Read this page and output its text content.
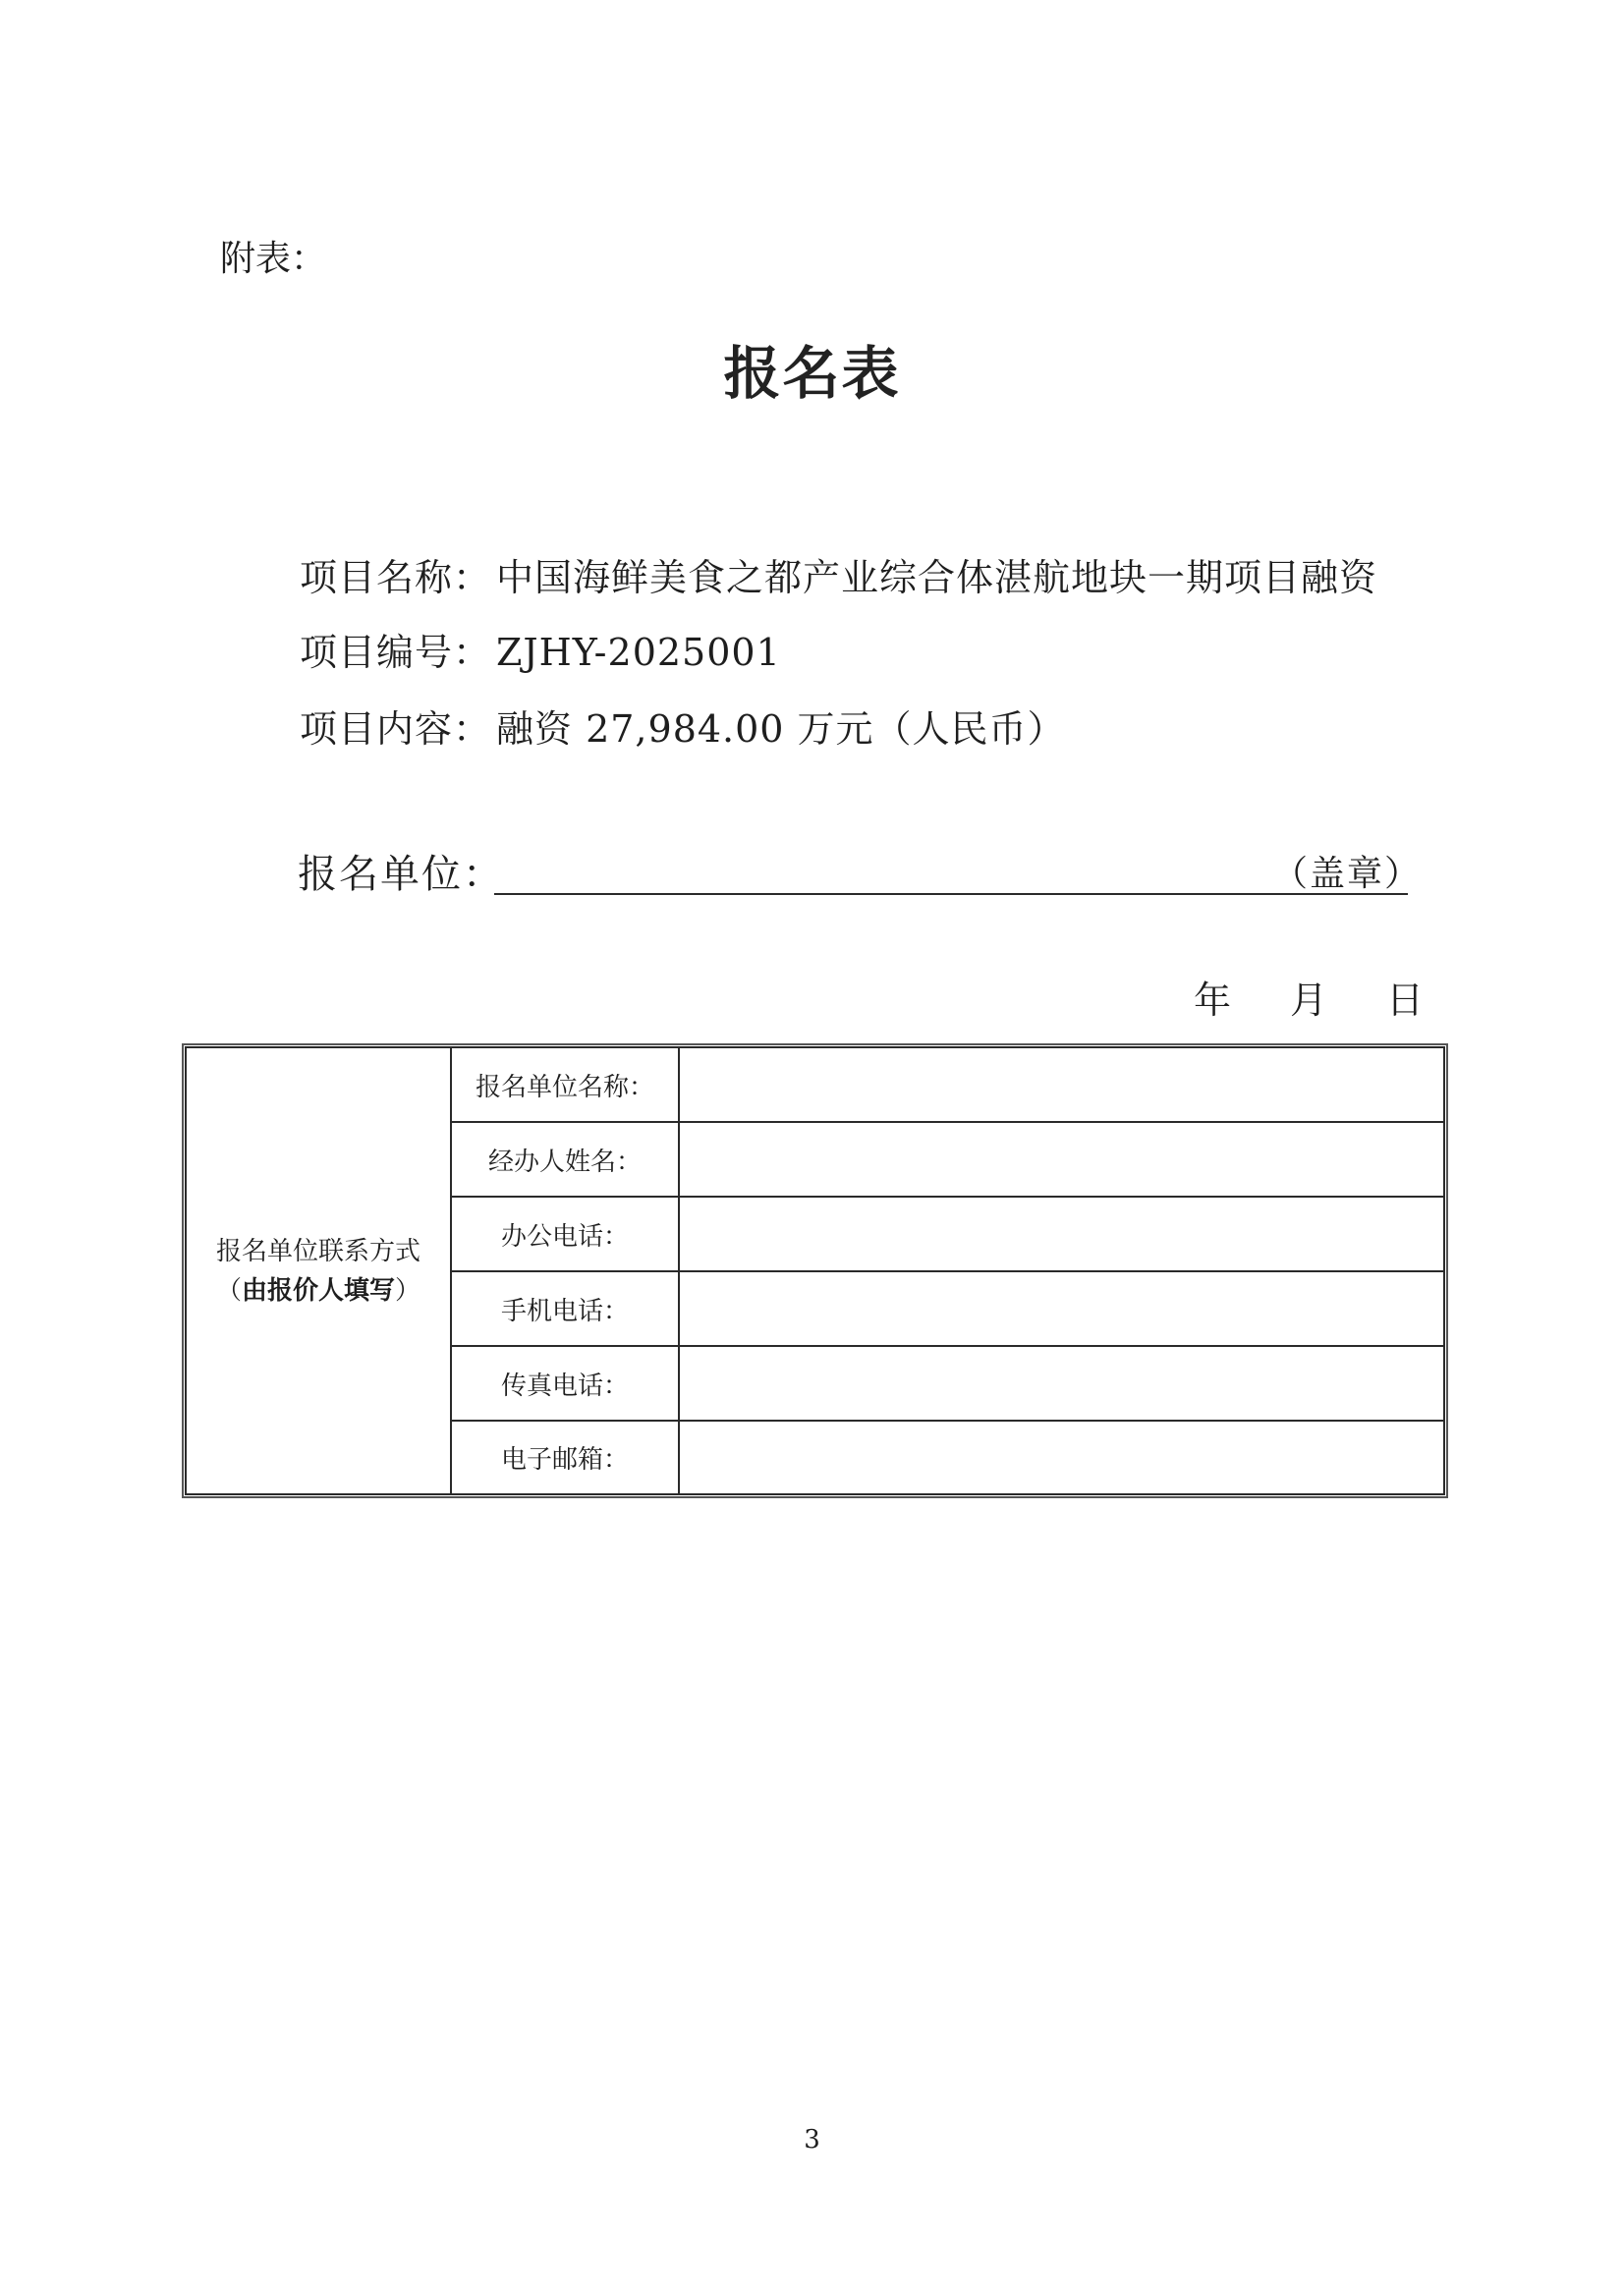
附表：
报名表
项目名称： 中国海鲜美食之都产业综合体湛航地块一期项目融资
项目编号： ZJHY-2025001
项目内容： 融资 27,984.00 万元（人民币）
报名单位：	（盖章）
年 月 日
报名单位联系方式
（由报价人填写）
报名单位名称：
经办人姓名：
办公电话：
手机电话：
传真电话：
电子邮箱：
3
